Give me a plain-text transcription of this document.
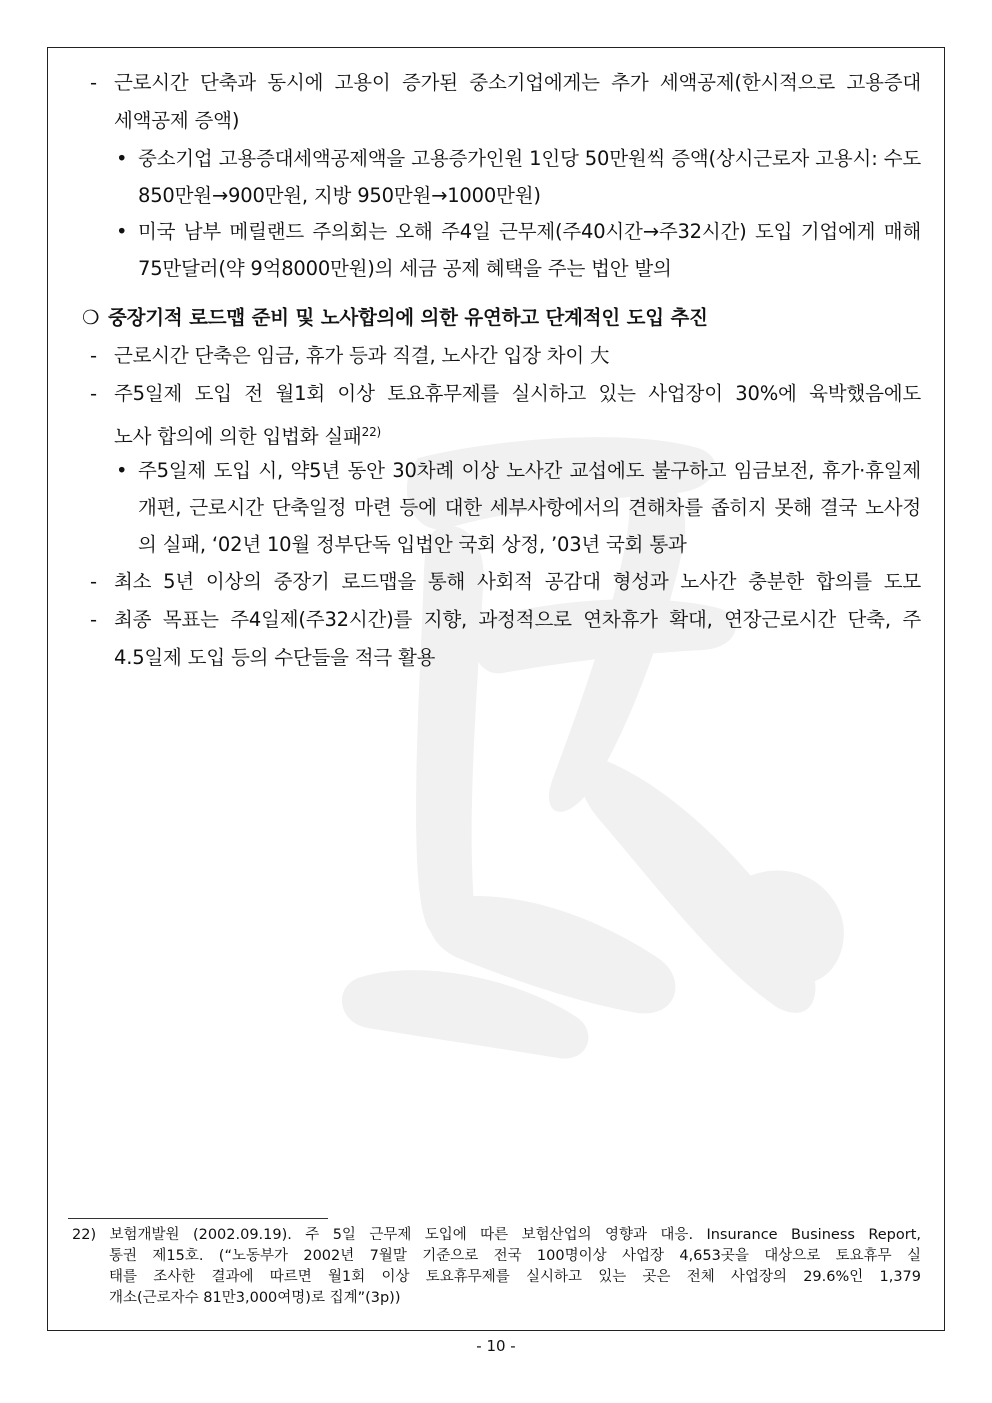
- 근로시간 단축과 동시에 고용이 증가된 중소기업에게는 추가 세액공제(한시적으로 고용증대
세액공제 증액)
• 중소기업 고용증대세액공제액을 고용증가인원 1인당 50만원씩 증액(상시근로자 고용시: 수도
850만원→900만원, 지방 950만원→1000만원)
• 미국 남부 메릴랜드 주의회는 오해 주4일 근무제(주40시간→주32시간) 도입 기업에게 매해
75만달러(약 9억8000만원)의 세금 공제 혜택을 주는 법안 발의
❍ 중장기적 로드맵 준비 및 노사합의에 의한 유연하고 단계적인 도입 추진
- 근로시간 단축은 임금, 휴가 등과 직결, 노사간 입장 차이 大
- 주5일제 도입 전 월1회 이상 토요휴무제를 실시하고 있는 사업장이 30%에 육박했음에도
노사 합의에 의한 입법화 실패$^{22)}$
• 주5일제 도입 시, 약5년 동안 30차례 이상 노사간 교섭에도 불구하고 임금보전, 휴가·휴일제
개편, 근로시간 단축일정 마련 등에 대한 세부사항에서의 견해차를 좁히지 못해 결국 노사정
의 실패, ‘02년 10월 정부단독 입법안 국회 상정, ’03년 국회 통과
- 최소 5년 이상의 중장기 로드맵을 통해 사회적 공감대 형성과 노사간 충분한 합의를 도모
- 최종 목표는 주4일제(주32시간)를 지향, 과정적으로 연차휴가 확대, 연장근로시간 단축, 주
4.5일제 도입 등의 수단들을 적극 활용
22) 보험개발원 (2002.09.19). 주 5일 근무제 도입에 따른 보험산업의 영향과 대응. Insurance Business Report,
통권 제15호. (“노동부가 2002년 7월말 기준으로 전국 100명이상 사업장 4,653곳을 대상으로 토요휴무 실
태를 조사한 결과에 따르면 월1회 이상 토요휴무제를 실시하고 있는 곳은 전체 사업장의 29.6%인 1,379
개소(근로자수 81만3,000여명)로 집계”(3p))
- 10 -
